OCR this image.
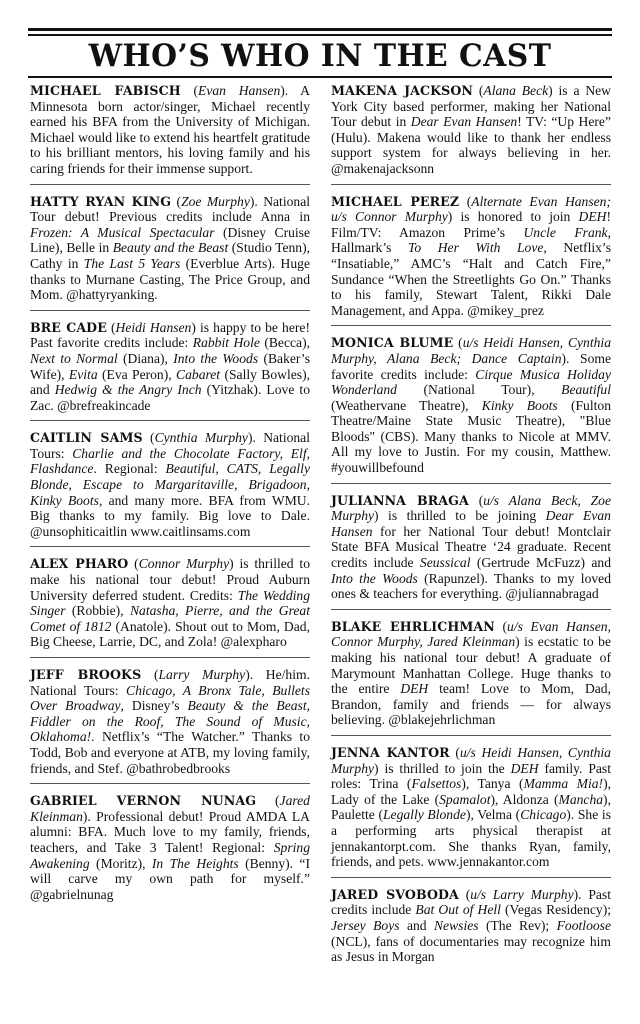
WHO’S WHO IN THE CAST
MICHAEL FABISCH (Evan Hansen). A Minnesota born actor/singer, Michael recently earned his BFA from the University of Michigan. Michael would like to extend his heartfelt gratitude to his brilliant mentors, his loving family and his caring friends for their immense support.
HATTY RYAN KING (Zoe Murphy). National Tour debut! Previous credits include Anna in Frozen: A Musical Spectacular (Disney Cruise Line), Belle in Beauty and the Beast (Studio Tenn), Cathy in The Last 5 Years (Everblue Arts). Huge thanks to Murnane Casting, The Price Group, and Mom. @hattyryanking.
BRE CADE (Heidi Hansen) is happy to be here! Past favorite credits include: Rabbit Hole (Becca), Next to Normal (Diana), Into the Woods (Baker’s Wife), Evita (Eva Peron), Cabaret (Sally Bowles), and Hedwig & the Angry Inch (Yitzhak). Love to Zac. @brefreakincade
CAITLIN SAMS (Cynthia Murphy). National Tours: Charlie and the Chocolate Factory, Elf, Flashdance. Regional: Beautiful, CATS, Legally Blonde, Escape to Margaritaville, Brigadoon, Kinky Boots, and many more. BFA from WMU. Big thanks to my family. Big love to Dale. @unsophiticaitlin www.caitlinsams.com
ALEX PHARO (Connor Murphy) is thrilled to make his national tour debut! Proud Auburn University deferred student. Credits: The Wedding Singer (Robbie), Natasha, Pierre, and the Great Comet of 1812 (Anatole). Shout out to Mom, Dad, Big Cheese, Larrie, DC, and Zola! @alexpharo
JEFF BROOKS (Larry Murphy). He/him. National Tours: Chicago, A Bronx Tale, Bullets Over Broadway, Disney’s Beauty & the Beast, Fiddler on the Roof, The Sound of Music, Oklahoma!. Netflix’s “The Watcher.” Thanks to Todd, Bob and everyone at ATB, my loving family, friends, and Stef. @bathrobedbrooks
GABRIEL VERNON NUNAG (Jared Kleinman). Professional debut! Proud AMDA LA alumni: BFA. Much love to my family, friends, teachers, and Take 3 Talent! Regional: Spring Awakening (Moritz), In The Heights (Benny). “I will carve my own path for myself.” @gabrielnunag
MAKENA JACKSON (Alana Beck) is a New York City based performer, making her National Tour debut in Dear Evan Hansen! TV: “Up Here” (Hulu). Makena would like to thank her endless support system for always believing in her. @makenajacksonn
MICHAEL PEREZ (Alternate Evan Hansen; u/s Connor Murphy) is honored to join DEH! Film/TV: Amazon Prime’s Uncle Frank, Hallmark’s To Her With Love, Netflix’s “Insatiable,” AMC’s “Halt and Catch Fire,” Sundance “When the Streetlights Go On.” Thanks to his family, Stewart Talent, Rikki Dale Management, and Appa. @mikey_prez
MONICA BLUME (u/s Heidi Hansen, Cynthia Murphy, Alana Beck; Dance Captain). Some favorite credits include: Cirque Musica Holiday Wonderland (National Tour), Beautiful (Weathervane Theatre), Kinky Boots (Fulton Theatre/Maine State Music Theatre), "Blue Bloods" (CBS). Many thanks to Nicole at MMV. All my love to Justin. For my cousin, Matthew. #youwillbefound
JULIANNA BRAGA (u/s Alana Beck, Zoe Murphy) is thrilled to be joining Dear Evan Hansen for her National Tour debut! Montclair State BFA Musical Theatre ‘24 graduate. Recent credits include Seussical (Gertrude McFuzz) and Into the Woods (Rapunzel). Thanks to my loved ones & teachers for everything. @juliannabragad
BLAKE EHRLICHMAN (u/s Evan Hansen, Connor Murphy, Jared Kleinman) is ecstatic to be making his national tour debut! A graduate of Marymount Manhattan College. Huge thanks to the entire DEH team! Love to Mom, Dad, Brandon, family and friends — for always believing. @blakejehrlichman
JENNA KANTOR (u/s Heidi Hansen, Cynthia Murphy) is thrilled to join the DEH family. Past roles: Trina (Falsettos), Tanya (Mamma Mia!), Lady of the Lake (Spamalot), Aldonza (Mancha), Paulette (Legally Blonde), Velma (Chicago). She is a performing arts physical therapist at jennakantorpt.com. She thanks Ryan, family, friends, and pets. www.jennakantor.com
JARED SVOBODA (u/s Larry Murphy). Past credits include Bat Out of Hell (Vegas Residency); Jersey Boys and Newsies (The Rev); Footloose (NCL), fans of documentaries may recognize him as Jesus in Morgan
